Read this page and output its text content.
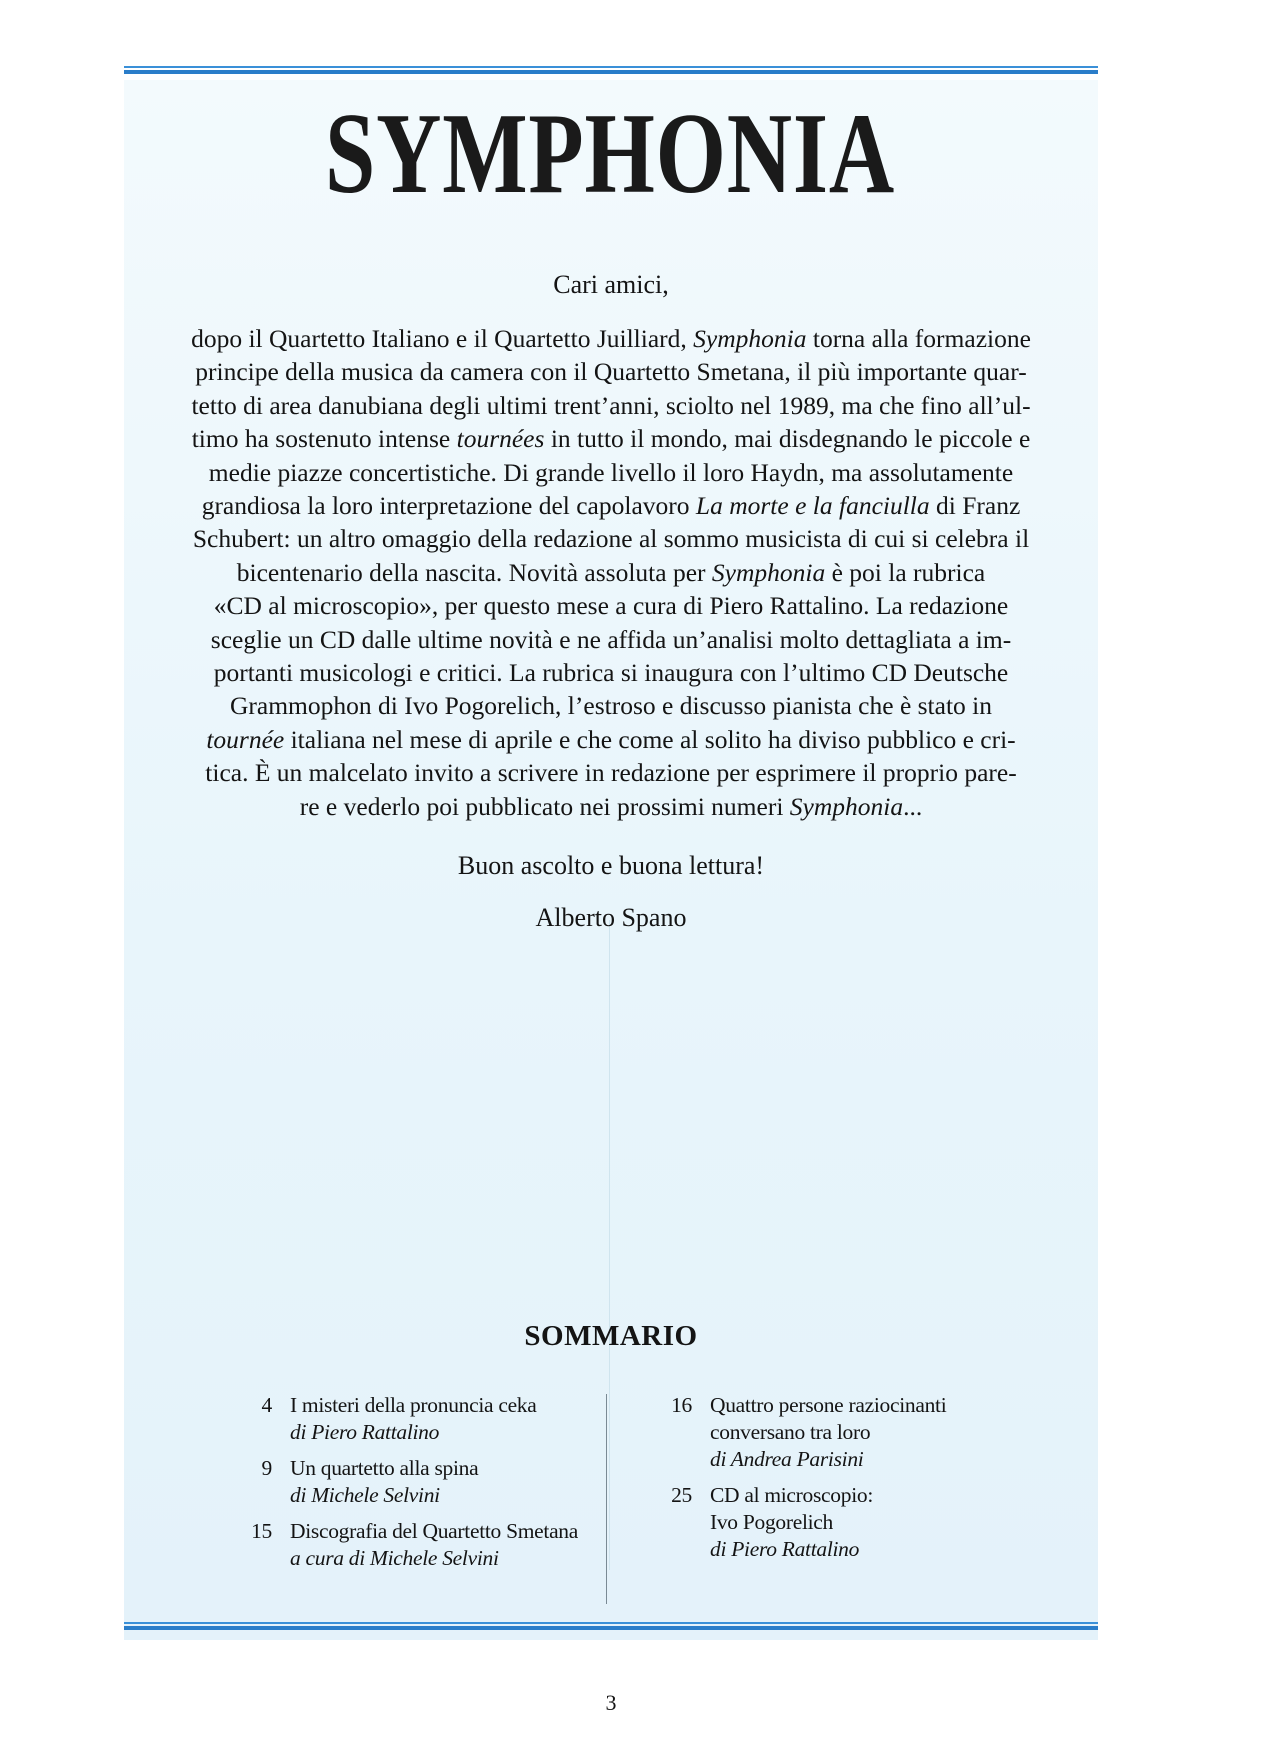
SYMPHONIA
Cari amici,
dopo il Quartetto Italiano e il Quartetto Juilliard, Symphonia torna alla formazione
principe della musica da camera con il Quartetto Smetana, il più importante quar-
tetto di area danubiana degli ultimi trent’anni, sciolto nel 1989, ma che fino all’ul-
timo ha sostenuto intense tournées in tutto il mondo, mai disdegnando le piccole e
medie piazze concertistiche. Di grande livello il loro Haydn, ma assolutamente
grandiosa la loro interpretazione del capolavoro La morte e la fanciulla di Franz
Schubert: un altro omaggio della redazione al sommo musicista di cui si celebra il
bicentenario della nascita. Novità assoluta per Symphonia è poi la rubrica
«CD al microscopio», per questo mese a cura di Piero Rattalino. La redazione
sceglie un CD dalle ultime novità e ne affida un’analisi molto dettagliata a im-
portanti musicologi e critici. La rubrica si inaugura con l’ultimo CD Deutsche
Grammophon di Ivo Pogorelich, l’estroso e discusso pianista che è stato in
tournée italiana nel mese di aprile e che come al solito ha diviso pubblico e cri-
tica. È un malcelato invito a scrivere in redazione per esprimere il proprio pare-
re e vederlo poi pubblicato nei prossimi numeri Symphonia...
Buon ascolto e buona lettura!
Alberto Spano
SOMMARIO
4 I misteri della pronuncia ceka
di Piero Rattalino
9 Un quartetto alla spina
di Michele Selvini
15 Discografia del Quartetto Smetana
a cura di Michele Selvini
16 Quattro persone raziocinanti
conversano tra loro
di Andrea Parisini
25 CD al microscopio:
Ivo Pogorelich
di Piero Rattalino
3
